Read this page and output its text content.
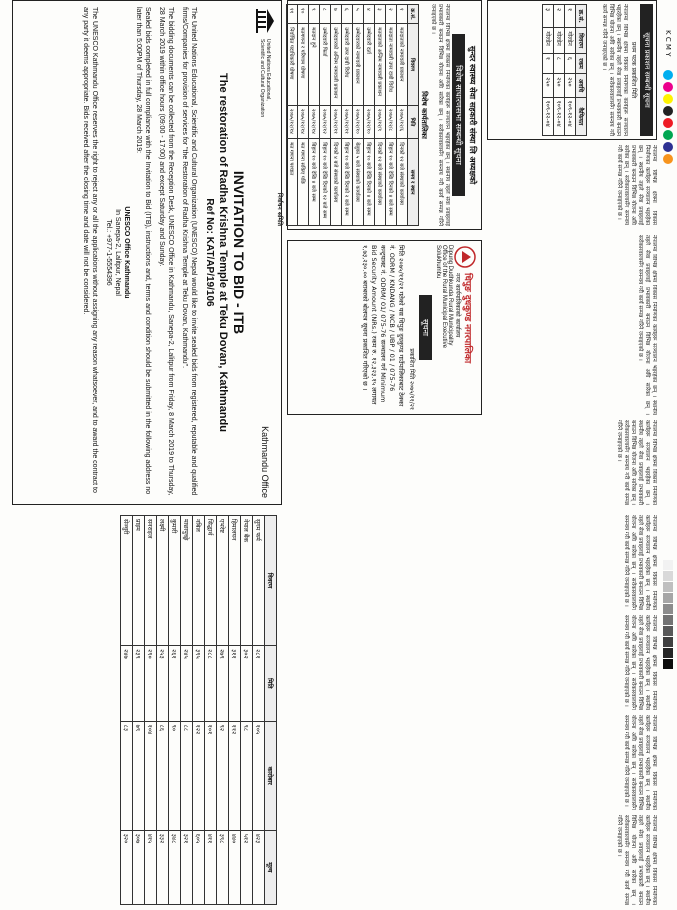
K C M Y
सूचना प्रकाशन सम्बन्धी सूचना
प्रथम पटक प्रकाशित मिति
नेपालमा विभिन्न क्षेत्रमा विकास निर्माणका कार्यहरू सञ्चालन भइरहेका छन् । स्थानीय तहले सेवा प्रवाहलाई प्रभावकारी बनाउन विभिन्न योजना अघि सारेका छन् । सरोकारवालासँग समन्वय गरी कार्य सम्पन्न गरिने जनाइएको छ ।
क्र.सं.	विवरण	रकम	अवधि	कैफियत
१	गोल्डेन	६	२५०	१०९-१२-०४
२	गोल्डेन	८	२५०	१०९-१२-०४
३	गोल्डेन	१	२५०	१०९-१२-०४
नेपालमा विभिन्न क्षेत्रमा विकास निर्माणका कार्यहरू सञ्चालन भइरहेका छन् । स्थानीय तहले सेवा प्रवाहलाई प्रभावकारी बनाउन विभिन्न योजना अघि सारेका छन् । सरोकारवालासँग समन्वय गरी कार्य सम्पन्न गरिने जनाइएको छ ।
सुन्दर स्वास्थ्य सेवा सहकारी संस्था लि अध्यक्षको
विशेष साधारणसभा सम्बन्धी सूचना
नेपालमा विभिन्न क्षेत्रमा विकास निर्माणका कार्यहरू सञ्चालन भइरहेका छन् । स्थानीय तहले सेवा प्रवाहलाई प्रभावकारी बनाउन विभिन्न योजना अघि सारेका छन् । सरोकारवालासँग समन्वय गरी कार्य सम्पन्न गरिने जनाइएको छ ।
विशेष कार्यतालिका
क्र.सं.	विवरण	मिति	समय र स्थान
१	मतदाताको नामावली प्रकाशन	२०७५/१२/६	दिनको १२ बजे संस्थाको कार्यालय
२	मतदाता नामावली उपर दाबी विरोध	२०७५/१२/८	बिहान १० बजे देखि दिनको ४ बजे सम्म
३	मतदाताको अन्तिम नामावली प्रकाशन	२०७५/१२/९	दिनको १२ बजे संस्थाको कार्यालय
४	उम्मेदवारी दर्ता	२०७५/१२/१०	बिहान १० बजे देखि दिनको ४ बजे सम्म
५	उम्मेदवारको नामावली प्रकाशन	२०७५/१२/१०	बेलुका ५ बजे संस्थाको कार्यालय
६	उम्मेदवारी उपर दाबी विरोध	२०७५/१२/११	बिहान १० बजे देखि दिनको २ बजे सम्म
७	उम्मेदवारको अन्तिम नामावली प्रकाशन	२०७५/१२/११	दिनको ४ बजे संस्थाको कार्यालय
८	उम्मेदवारी फिर्ता	२०७५/१२/१२	बिहान १० बजे देखि दिनको १२ बजे सम्म
९	मतदान हुने	२०७५/१२/१४	बिहान १० बजे देखि ४ बजे सम्म
१०	मतगणना र परिणाम घोषणा	२०७५/१२/१४	मत गणना सकिए पछि
११	निर्वाचित पदाधिकारी घोषणा	२०७५/१२/१४	मत गणना पश्चात
निर्वाचन समिति
धिपुङ दुधकुण्ड नगरपालिका
नगर कार्यपालिकाको कार्यालय
Dipung Dudhkunda Rural Municipality
Office of the Rural Municipal Executive
Solukhumbu
सूचना
प्रकाशित मिति २०७५/११/२१
मिति २०७५/११/२१ गतेको यस धिपुङ दुधकुण्ड गाउँपालिकाबाट ठेक्का नं. ODRM / KNDANG / NCB / UBP / 01 / 075-76 कन्ट्रयाक्ट नं. ODRM/ 01/ 075-76 सञ्चालन गर्न Minimum Bid Security Amount (NRs.) रकम रु. १२,३२३.१५ लगायत १,७३,२३०.०० बराबरको बोलपत्र सूचना प्रकाशित गरिएको छ ।	नेपालमा विभिन्न क्षेत्रमा विकास निर्माणका कार्यहरू सञ्चालन भइरहेका छन् । स्थानीय तहले सेवा प्रवाहलाई प्रभावकारी बनाउन विभिन्न योजना अघि सारेका छन् । सरोकारवालासँग समन्वय गरी कार्य सम्पन्न गरिने जनाइएको छ ।
नेपालमा विभिन्न क्षेत्रमा विकास निर्माणका कार्यहरू सञ्चालन भइरहेका छन् । स्थानीय तहले सेवा प्रवाहलाई प्रभावकारी बनाउन विभिन्न योजना अघि सारेका छन् । सरोकारवालासँग समन्वय गरी कार्य सम्पन्न गरिने जनाइएको छ ।
United Nations Educational, Scientific and Cultural Organization
Kathmandu Office
INVITATION TO BID - ITB
The restoration of Radha Krishna Temple at Teku Dovan, Kathmandu
Ref No: KAT/AP/19/106
The United Nations Educational, Scientific and Cultural Organization (UNESCO) Nepal would like to invite sealed bids from registered, reputable and qualified firms/Companies for provision of services for "the Restoration of Radha Krishna Temple at Teku Dovan, Kathmandu".
The bidding documents can be collected from the Reception Desk, UNESCO Office in Kathmandu, Sanepa-2, Lalitpur from Friday, 8 March 2019 to Thursday, 28 March 2019 within office hours (09:00 - 17:00) and except Saturday and Sunday.
Sealed bids completed in full compliance with the Invitation to Bid (ITB), instructions and, terms and condition should be submitted in the following address no later than 5:00PM of Thursday, 28 March 2019:
UNESCO Office Kathmandu
In Sanepa-2, Lalitpur, Nepal
Tel.: +977-1-5554396
The UNESCO Kathmandu Office reserves the right to reject any or all the applications without assigning any reason whatsoever, and to award the contract to any party it deems appropriate. Bids received after the closing time and date will not be considered.
नेपालमा विभिन्न क्षेत्रमा विकास निर्माणका कार्यहरू सञ्चालन भइरहेका छन् । स्थानीय तहले सेवा प्रवाहलाई प्रभावकारी बनाउन विभिन्न योजना अघि सारेका छन् । सरोकारवालासँग समन्वय गरी कार्य सम्पन्न गरिने जनाइएको छ ।
नेपालमा विभिन्न क्षेत्रमा विकास निर्माणका कार्यहरू सञ्चालन भइरहेका छन् । स्थानीय तहले सेवा प्रवाहलाई प्रभावकारी बनाउन विभिन्न योजना अघि सारेका छन् । सरोकारवालासँग समन्वय गरी कार्य सम्पन्न गरिने जनाइएको छ ।
नेपालमा विभिन्न क्षेत्रमा विकास निर्माणका कार्यहरू सञ्चालन भइरहेका छन् । स्थानीय तहले सेवा प्रवाहलाई प्रभावकारी बनाउन विभिन्न योजना अघि सारेका छन् । सरोकारवालासँग समन्वय गरी कार्य सम्पन्न गरिने जनाइएको छ ।
नेपालमा विभिन्न क्षेत्रमा विकास निर्माणका कार्यहरू सञ्चालन भइरहेका छन् । स्थानीय तहले सेवा प्रवाहलाई प्रभावकारी बनाउन विभिन्न योजना अघि सारेका छन् । सरोकारवालासँग समन्वय गरी कार्य सम्पन्न गरिने जनाइएको छ ।
विवरण	मिति	कारोबार	मूल्य
सुगम फर्म	२८१	१०५	४२३
नेपाल बैंक	३०२	९८	५१२
हिमालयन	३११	११२	४४०
एभरेष्ट	२७९	९२	३९८
सिद्धार्थ	२८८	१०१	४११
नबिल	३९५	१२२	६०५
माछापुच्छ्रे	२४५	८८	३२१
कुमारी	२६१	९०	३४८
लक्ष्मी	२५३	८६	३३२
सनराइज	२९०	१०४	४१५
प्राइम	२३९	७९	३०७
सेञ्चुरी	२४७	८३	३२०
